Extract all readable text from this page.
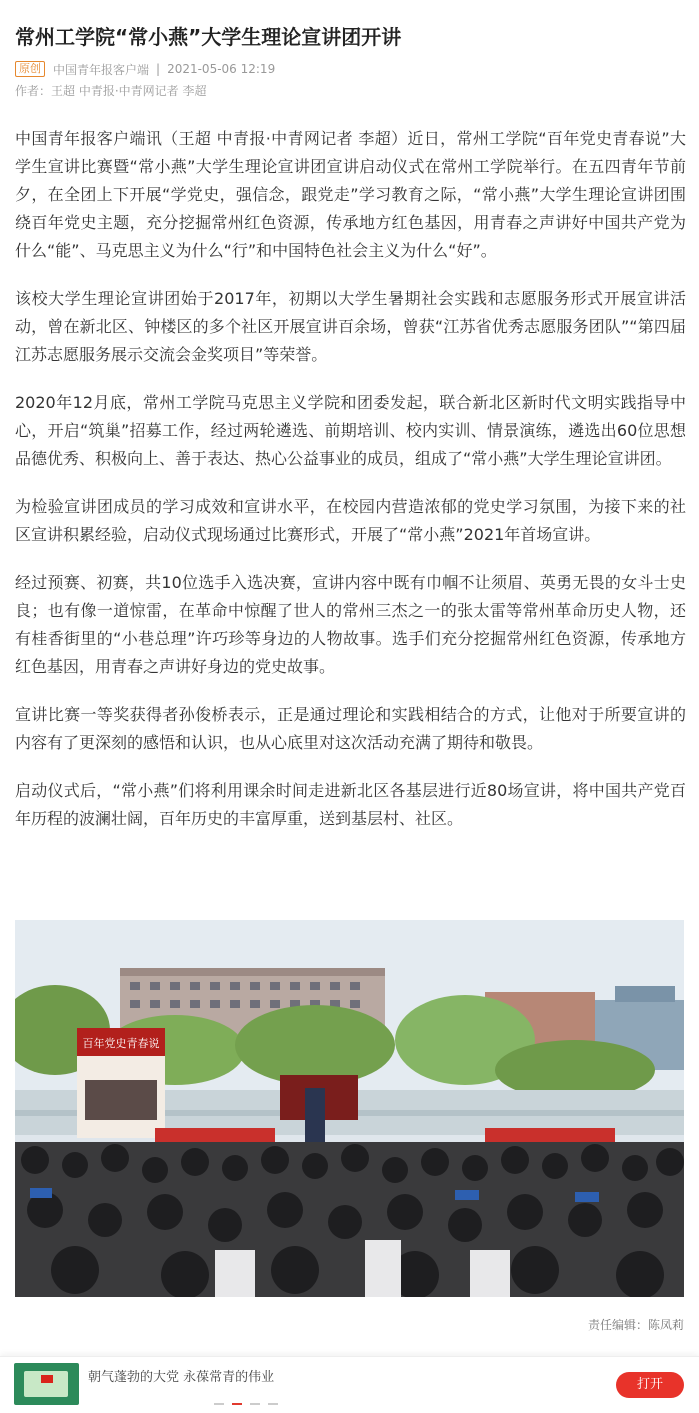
常州工学院“常小燕”大学生理论宣讲团开讲
原创	中国青年报客户端 | 2021-05-06 12:19
作者：王超 中青报·中青网记者 李超

中国青年报客户端讯（王超 中青报·中青网记者 李超）近日，常州工学院“百年党史青春说”大学生宣讲比赛暨“常小燕”大学生理论宣讲团宣讲启动仪式在常州工学院举行。在五四青年节前夕，在全团上下开展“学党史，强信念，跟党走”学习教育之际，“常小燕”大学生理论宣讲团围绕百年党史主题，充分挖掘常州红色资源，传承地方红色基因，用青春之声讲好中国共产党为什么“能”、马克思主义为什么“行”和中国特色社会主义为什么“好”。

该校大学生理论宣讲团始于2017年，初期以大学生暑期社会实践和志愿服务形式开展宣讲活动，曾在新北区、钟楼区的多个社区开展宣讲百余场，曾获“江苏省优秀志愿服务团队”“第四届江苏志愿服务展示交流会金奖项目”等荣誉。

2020年12月底，常州工学院马克思主义学院和团委发起，联合新北区新时代文明实践指导中心，开启“筑巢”招募工作，经过两轮遴选、前期培训、校内实训、情景演练，遴选出60位思想品德优秀、积极向上、善于表达、热心公益事业的成员，组成了“常小燕”大学生理论宣讲团。

为检验宣讲团成员的学习成效和宣讲水平，在校园内营造浓郁的党史学习氛围，为接下来的社区宣讲积累经验，启动仪式现场通过比赛形式，开展了“常小燕”2021年首场宣讲。

经过预赛、初赛，共10位选手入选决赛，宣讲内容中既有巾帼不让须眉、英勇无畏的女斗士史良；也有像一道惊雷，在革命中惊醒了世人的常州三杰之一的张太雷等常州革命历史人物，还有桂香街里的“小巷总理”许巧珍等身边的人物故事。选手们充分挖掘常州红色资源，传承地方红色基因，用青春之声讲好身边的党史故事。

宣讲比赛一等奖获得者孙俊桥表示，正是通过理论和实践相结合的方式，让他对于所要宣讲的内容有了更深刻的感悟和认识，也从心底里对这次活动充满了期待和敬畏。

启动仪式后，“常小燕”们将利用课余时间走进新北区各基层进行近80场宣讲，将中国共产党百年历程的波澜壮阔，百年历史的丰富厚重，送到基层村、社区。

百年党史青春说
责任编辑：陈凤莉
朝气蓬勃的大党 永葆常青的伟业	打开
